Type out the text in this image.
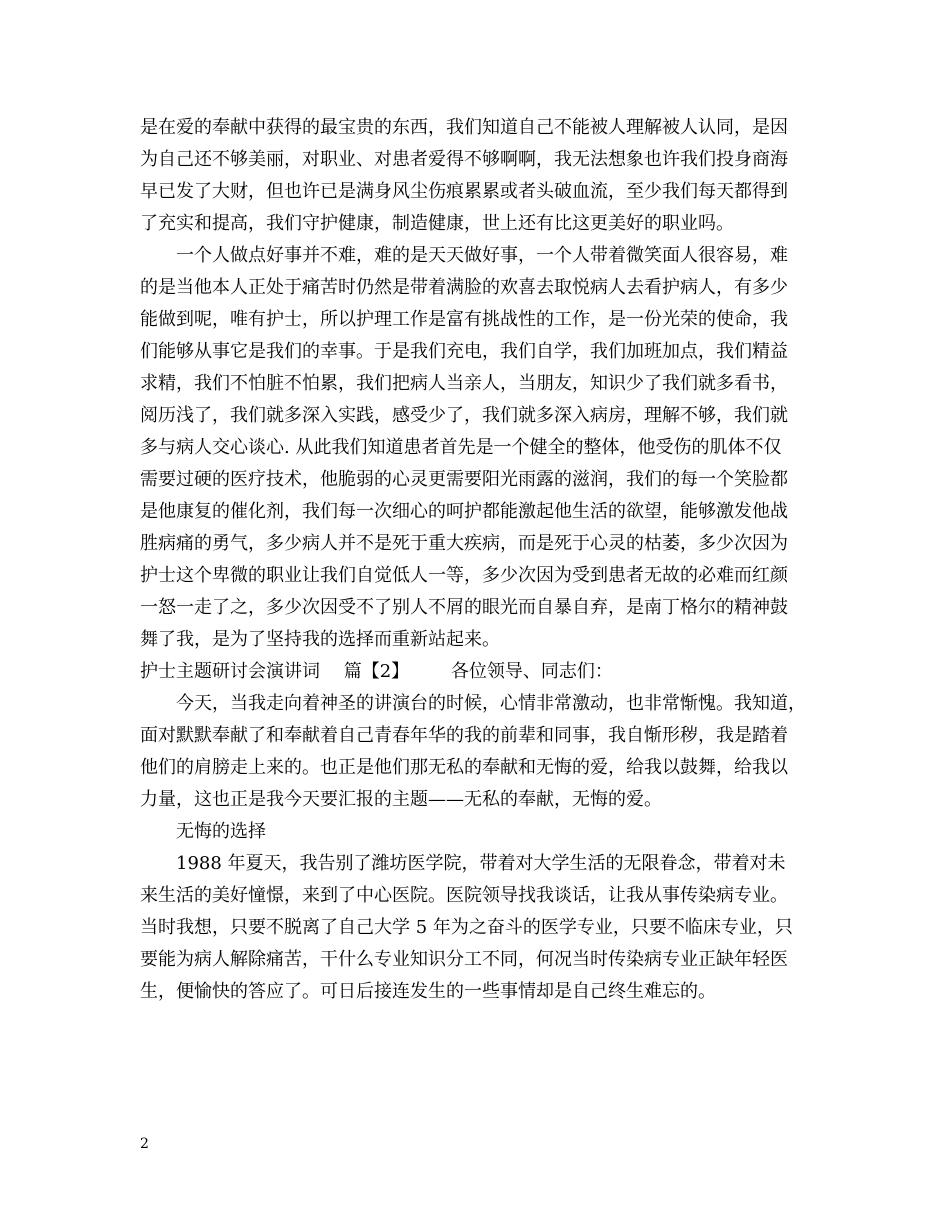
是在爱的奉献中获得的最宝贵的东西，我们知道自己不能被人理解被人认同，是因
为自己还不够美丽，对职业、对患者爱得不够啊啊，我无法想象也许我们投身商海
早已发了大财，但也许已是满身风尘伤痕累累或者头破血流，至少我们每天都得到
了充实和提高，我们守护健康，制造健康，世上还有比这更美好的职业吗。
一个人做点好事并不难，难的是天天做好事，一个人带着微笑面人很容易，难
的是当他本人正处于痛苦时仍然是带着满脸的欢喜去取悦病人去看护病人，有多少
能做到呢，唯有护士，所以护理工作是富有挑战性的工作，是一份光荣的使命，我
们能够从事它是我们的幸事。于是我们充电，我们自学，我们加班加点，我们精益
求精，我们不怕脏不怕累，我们把病人当亲人，当朋友，知识少了我们就多看书，
阅历浅了，我们就多深入实践，感受少了，我们就多深入病房，理解不够，我们就
多与病人交心谈心. 从此我们知道患者首先是一个健全的整体，他受伤的肌体不仅
需要过硬的医疗技术，他脆弱的心灵更需要阳光雨露的滋润，我们的每一个笑脸都
是他康复的催化剂，我们每一次细心的呵护都能激起他生活的欲望，能够激发他战
胜病痛的勇气，多少病人并不是死于重大疾病，而是死于心灵的枯萎，多少次因为
护士这个卑微的职业让我们自觉低人一等，多少次因为受到患者无故的必难而红颜
一怒一走了之，多少次因受不了别人不屑的眼光而自暴自弃，是南丁格尔的精神鼓
舞了我，是为了坚持我的选择而重新站起来。
护士主题研讨会演讲词　 篇【2】 　　各位领导、同志们：
今天，当我走向着神圣的讲演台的时候，心情非常激动，也非常惭愧。我知道，
面对默默奉献了和奉献着自己青春年华的我的前辈和同事，我自惭形秽，我是踏着
他们的肩膀走上来的。也正是他们那无私的奉献和无悔的爱，给我以鼓舞，给我以
力量，这也正是我今天要汇报的主题——无私的奉献，无悔的爱。
无悔的选择
1988 年夏天，我告别了潍坊医学院，带着对大学生活的无限眷念，带着对未
来生活的美好憧憬，来到了中心医院。医院领导找我谈话，让我从事传染病专业。
当时我想，只要不脱离了自己大学 5 年为之奋斗的医学专业，只要不临床专业，只
要能为病人解除痛苦，干什么专业知识分工不同，何况当时传染病专业正缺年轻医
生，便愉快的答应了。可日后接连发生的一些事情却是自己终生难忘的。
2
